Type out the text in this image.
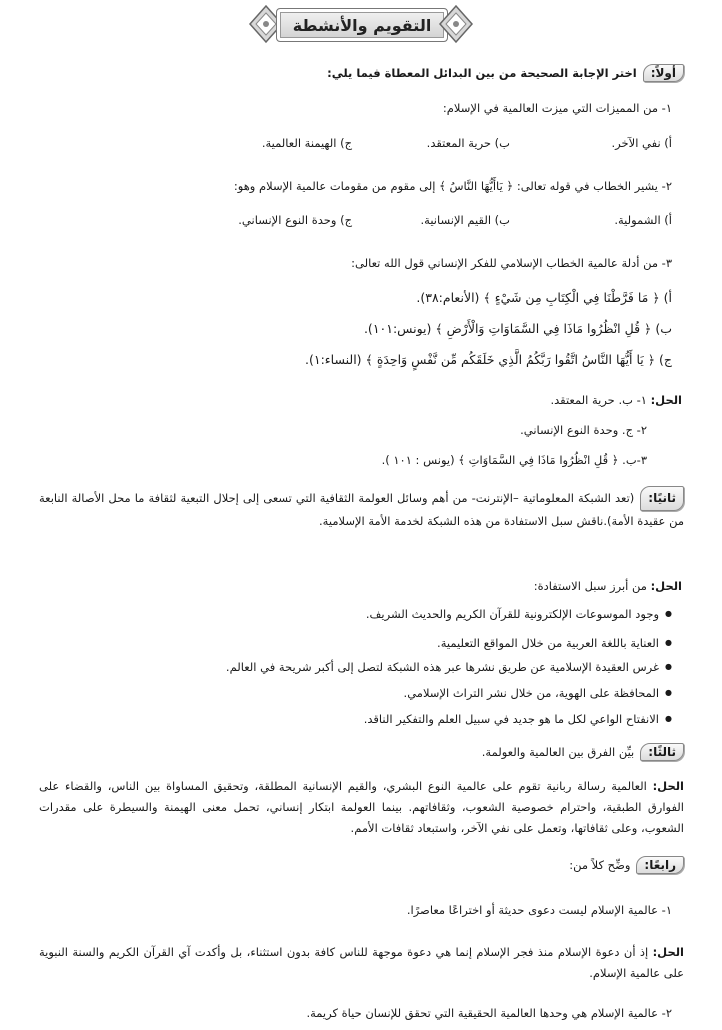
التقويم والأنشطة
أولاً:اختر الإجابة الصحيحة من بين البدائل المعطاة فيما يلي:
١- من المميزات التي ميزت العالمية في الإسلام:
أ) نفي الآخر.
ب) حرية المعتقد.
ج) الهيمنة العالمية.
٢- يشير الخطاب في قوله تعالى: ﴿ يَاأَيُّهَا النَّاسُ ﴾ إلى مقوم من مقومات عالمية الإسلام وهو:
أ) الشمولية.
ب) القيم الإنسانية.
ج) وحدة النوع الإنساني.
٣- من أدلة عالمية الخطاب الإسلامي للفكر الإنساني قول الله تعالى:
أ) ﴿ مَا فَرَّطْنَا فِي الْكِتَابِ مِن شَيْءٍ ﴾ (الأنعام:٣٨).
ب) ﴿ قُلِ انْظُرُوا مَاذَا فِي السَّمَاوَاتِ وَالْأَرْضِ ﴾ (يونس:١٠١).
ج) ﴿ يَا أَيُّهَا النَّاسُ اتَّقُوا رَبَّكُمُ الَّذِي خَلَقَكُم مِّن نَّفْسٍ وَاحِدَةٍ ﴾ (النساء:١).
الحل: ١- ب. حرية المعتقد.
٢- ج. وحدة النوع الإنساني.
٣-ب. ﴿ قُلِ انْظُرُوا مَاذَا فِي السَّمَاوَاتِ ﴾ (يونس : ١٠١ ).
ثانيًا:(تعد الشبكة المعلوماتية –الإنترنت- من أهم وسائل العولمة الثقافية التي تسعى إلى إحلال التبعية لثقافة ما محل الأصالة النابعة من عقيدة الأمة).ناقش سبل الاستفادة من هذه الشبكة لخدمة الأمة الإسلامية.
الحل: من أبرز سبل الاستفادة:
● وجود الموسوعات الإلكترونية للقرآن الكريم والحديث الشريف.
● العناية باللغة العربية من خلال المواقع التعليمية.
● غرس العقيدة الإسلامية عن طريق نشرها عبر هذه الشبكة لتصل إلى أكبر شريحة في العالم.
● المحافظة على الهوية، من خلال نشر التراث الإسلامي.
● الانفتاح الواعي لكل ما هو جديد في سبيل العلم والتفكير الناقد.
ثالثًا:بيِّن الفرق بين العالمية والعولمة.
الحل: العالمية رسالة ربانية تقوم على عالمية النوع البشري، والقيم الإنسانية المطلقة، وتحقيق المساواة بين الناس، والقضاء على الفوارق الطبقية، واحترام خصوصية الشعوب، وثقافاتهم. بينما العولمة ابتكار إنساني، تحمل معنى الهيمنة والسيطرة على مقدرات الشعوب، وعلى ثقافاتها، وتعمل على نفي الآخر، واستبعاد ثقافات الأمم.
رابعًا:وضِّح كلاً من:
١- عالمية الإسلام ليست دعوى حديثة أو اختراعًا معاصرًا.
الحل: إذ أن دعوة الإسلام منذ فجر الإسلام إنما هي دعوة موجهة للناس كافة بدون استثناء، بل وأكدت آي القرآن الكريم والسنة النبوية على عالمية الإسلام.
٢- عالمية الإسلام هي وحدها العالمية الحقيقية التي تحقق للإنسان حياة كريمة.
